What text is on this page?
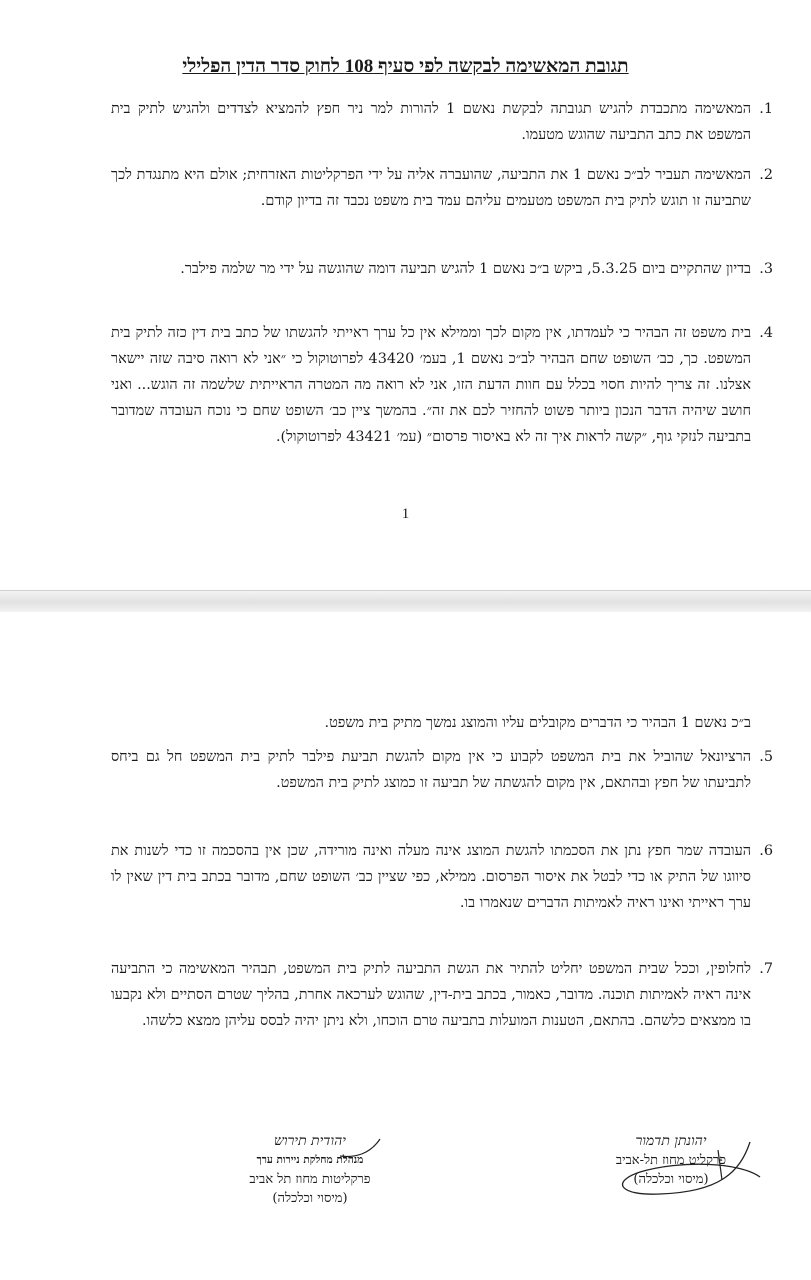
תגובת המאשימה לבקשה לפי סעיף 108 לחוק סדר הדין הפלילי
1.
המאשימה מתכבדת להגיש תגובתה לבקשת נאשם 1 להורות למר ניר חפץ להמציא לצדדים ולהגיש לתיק בית המשפט את כתב התביעה שהוגש מטעמו.
2.
המאשימה תעביר לב״כ נאשם 1 את התביעה, שהועברה אליה על ידי הפרקליטות האזרחית; אולם היא מתנגדת לכך שתביעה זו תוגש לתיק בית המשפט מטעמים עליהם עמד בית משפט נכבד זה בדיון קודם.
3.
בדיון שהתקיים ביום 5.3.25, ביקש ב״כ נאשם 1 להגיש תביעה דומה שהוגשה על ידי מר שלמה פילבר.
4.
בית משפט זה הבהיר כי לעמדתו, אין מקום לכך וממילא אין כל ערך ראייתי להגשתו של כתב בית דין כזה לתיק בית המשפט. כך, כב׳ השופט שחם הבהיר לב״כ נאשם 1, בעמ׳ 43420 לפרוטוקול כי ״אני לא רואה סיבה שזה יישאר אצלנו. זה צריך להיות חסוי בכלל עם חוות הדעת הזו, אני לא רואה מה המטרה הראייתית שלשמה זה הוגש... ואני חושב שיהיה הדבר הנכון ביותר פשוט להחזיר לכם את זה״. בהמשך ציין כב׳ השופט שחם כי נוכח העובדה שמדובר בתביעה לנזקי גוף, ״קשה לראות איך זה לא באיסור פרסום״ (עמ׳ 43421 לפרוטוקול).
1
ב״כ נאשם 1 הבהיר כי הדברים מקובלים עליו והמוצג נמשך מתיק בית משפט.
5.
הרציונאל שהוביל את בית המשפט לקבוע כי אין מקום להגשת תביעת פילבר לתיק בית המשפט חל גם ביחס לתביעתו של חפץ ובהתאם, אין מקום להגשתה של תביעה זו כמוצג לתיק בית המשפט.
6.
העובדה שמר חפץ נתן את הסכמתו להגשת המוצג אינה מעלה ואינה מורידה, שכן אין בהסכמה זו כדי לשנות את סיווגו של התיק או כדי לבטל את איסור הפרסום. ממילא, כפי שציין כב׳ השופט שחם, מדובר בכתב בית דין שאין לו ערך ראייתי ואינו ראיה לאמיתות הדברים שנאמרו בו.
7.
לחלופין, וככל שבית המשפט יחליט להתיר את הגשת התביעה לתיק בית המשפט, תבהיר המאשימה כי התביעה אינה ראיה לאמיתות תוכנה. מדובר, כאמור, בכתב בית-דין, שהוגש לערכאה אחרת, בהליך שטרם הסתיים ולא נקבעו בו ממצאים כלשהם. בהתאם, הטענות המועלות בתביעה טרם הוכחו, ולא ניתן יהיה לבסס עליהן ממצא כלשהו.
יהונתן תדמור
פרקליט מחוז תל-אביב
(מיסוי וכלכלה)
יהודית תירוש
מנהלת מחלקת ניירות ערך
פרקליטות מחוז תל אביב
(מיסוי וכלכלה)
